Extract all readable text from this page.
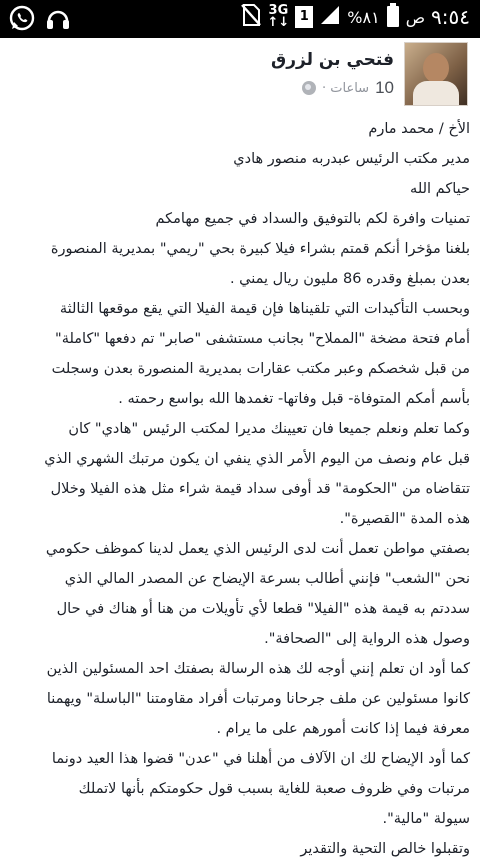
3G
↑↓ 1 %٨١ ص ٩:٥٤
فتحي بن لزرق
10
ساعات ·

الأخ / محمد مارم

مدير مكتب الرئيس عبدربه منصور هادي

حياكم الله

تمنيات وافرة لكم بالتوفيق والسداد في جميع مهامكم

بلغنا مؤخرا أنكم قمتم بشراء فيلا كبيرة بحي "ريمي" بمديرية المنصورة

بعدن بمبلغ وقدره 86 مليون ريال يمني .

وبحسب التأكيدات التي تلقيناها فإن قيمة الفيلا التي يقع موقعها الثالثة

أمام فتحة مضخة "المملاح" بجانب مستشفى "صابر" تم دفعها "كاملة"

من قبل شخصكم وعبر مكتب عقارات بمديرية المنصورة بعدن وسجلت

بأسم أمكم المتوفاة- قبل وفاتها- تغمدها الله بواسع رحمته .

وكما تعلم ونعلم جميعا فان تعيينك مديرا لمكتب الرئيس "هادي" كان

قبل عام ونصف من اليوم الأمر الذي ينفي ان يكون مرتبك الشهري الذي

تتقاضاه من "الحكومة" قد أوفى سداد قيمة شراء مثل هذه الفيلا وخلال

هذه المدة "القصيرة".

بصفتي مواطن تعمل أنت لدى الرئيس الذي يعمل لدينا كموظف حكومي

نحن "الشعب" فإنني أطالب بسرعة الإيضاح عن المصدر المالي الذي

سددتم به قيمة هذه "الفيلا" قطعا لأي تأويلات من هنا أو هناك في حال

وصول هذه الرواية إلى "الصحافة".

كما أود ان تعلم إنني أوجه لك هذه الرسالة بصفتك احد المسئولين الذين

كانوا مسئولين عن ملف جرحانا ومرتبات أفراد مقاومتنا "الباسلة" ويهمنا

معرفة فيما إذا كانت أمورهم على ما يرام .

كما أود الإيضاح لك ان الآلاف من أهلنا في "عدن" قضوا هذا العيد دونما

مرتبات وفي ظروف صعبة للغاية بسبب قول حكومتكم بأنها لاتملك

سيولة "مالية".

وتقبلوا خالص التحية والتقدير
